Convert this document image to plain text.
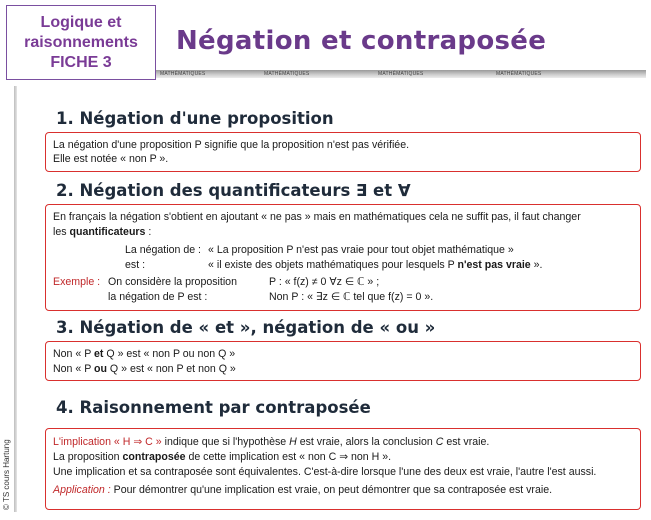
Logique et
raisonnements
FICHE 3
Négation et contraposée
MATHÉMATIQUES	MATHÉMATIQUES	MATHÉMATIQUES	MATHÉMATIQUES
© TS cours Hartung
1. Négation d'une proposition
La négation d'une proposition P signifie que la proposition n'est pas vérifiée.
Elle est notée « non P ».
2. Négation des quantificateurs ∃ et ∀
En français la négation s'obtient en ajoutant « ne pas » mais en mathématiques cela ne suffit pas, il faut changer
les quantificateurs :
La négation de : « La proposition P n'est pas vraie pour tout objet mathématique »
est :	« il existe des objets mathématiques pour lesquels P n'est pas vraie ».
Exemple : On considère la proposition	P : « f(z) ≠ 0 ∀z ∈ ℂ » ;
la négation de P est :	Non P : « ∃z ∈ ℂ tel que f(z) = 0 ».
3. Négation de « et », négation de « ou »
Non « P et Q » est « non P ou non Q »
Non « P ou Q » est « non P et non Q »
4. Raisonnement par contraposée
L'implication « H ⇒ C » indique que si l'hypothèse H est vraie, alors la conclusion C est vraie.
La proposition contraposée de cette implication est « non C ⇒ non H ».
Une implication et sa contraposée sont équivalentes. C'est-à-dire lorsque l'une des deux est vraie, l'autre l'est aussi.
Application : Pour démontrer qu'une implication est vraie, on peut démontrer que sa contraposée est vraie.
